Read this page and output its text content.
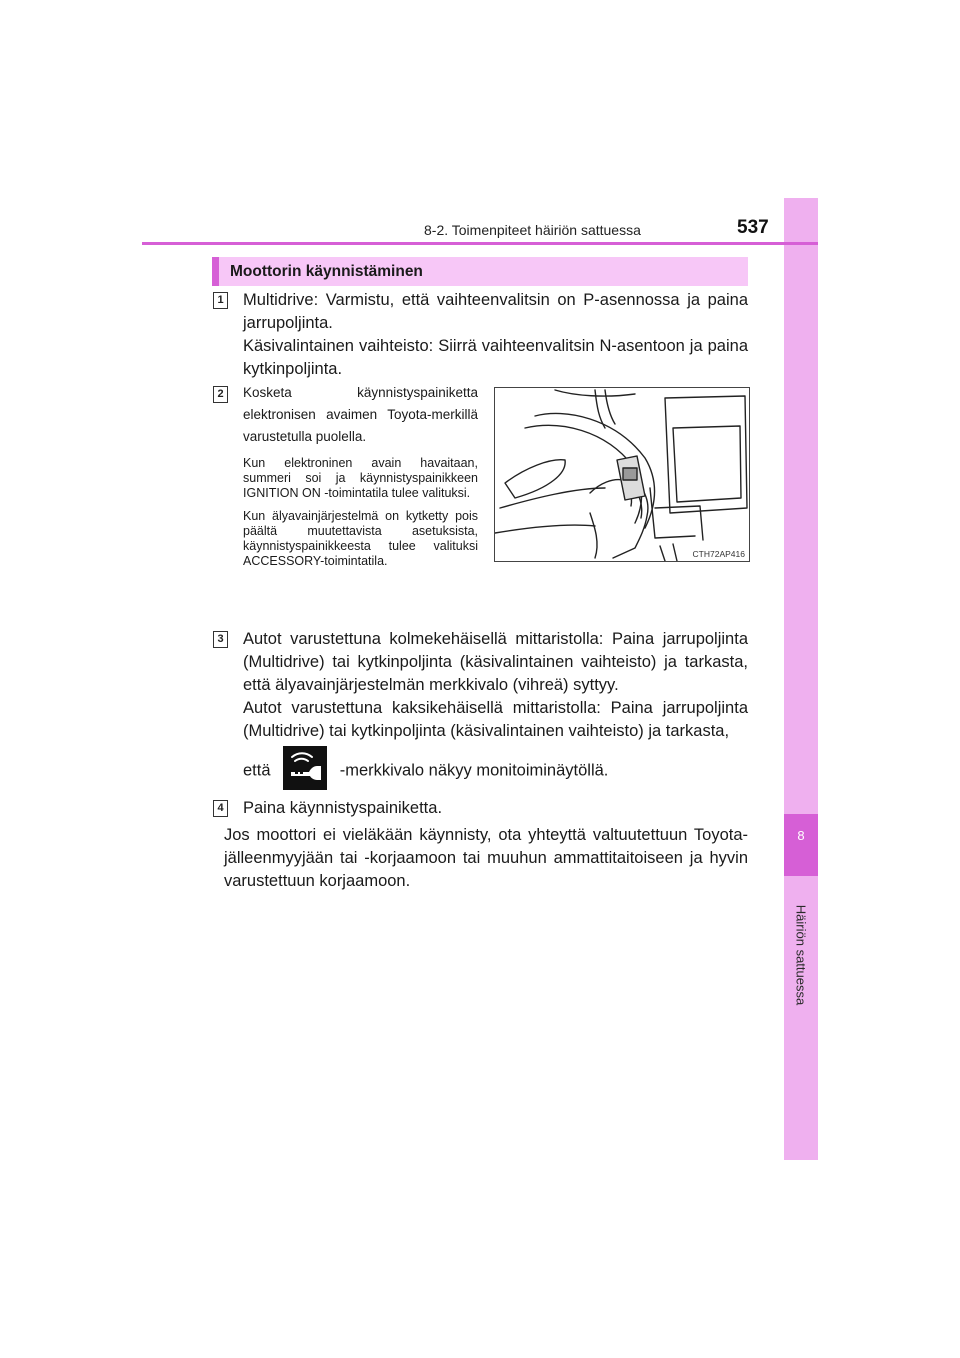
8
Häiriön sattuessa
8-2. Toimenpiteet häiriön sattuessa	537
Moottorin käynnistäminen
1 Multidrive: Varmistu, että vaihteenvalitsin on P-asennossa ja paina jarrupoljinta.

Käsivalintainen vaihteisto: Siirrä vaihteenvalitsin N-asentoon ja paina kytkinpoljinta.

2	Kosketa käynnistyspainiketta elektronisen avaimen Toyota-merkillä varustetulla puolella.

Kun elektroninen avain havaitaan, summeri soi ja käynnistyspainikkeen IGNITION ON -toimintatila tulee valituksi.

Kun älyavainjärjestelmä on kytketty pois päältä muutettavista asetuksista, käynnistyspainikkeesta tulee valituksi ACCESSORY-toimintatila.	CTH72AP416
3 Autot varustettuna kolmekehäisellä mittaristolla: Paina jarrupoljinta (Multidrive) tai kytkinpoljinta (käsivalintainen vaihteisto) ja tarkasta, että älyavainjärjestelmän merkkivalo (vihreä) syttyy.

Autot varustettuna kaksikehäisellä mittaristolla: Paina jarrupoljinta (Multidrive) tai kytkinpoljinta (käsivalintainen vaihteisto) ja tarkasta,

että	-merkkivalo näkyy monitoiminäytöllä.

4 Paina käynnistyspainiketta.

Jos moottori ei vieläkään käynnisty, ota yhteyttä valtuutettuun Toyota-jälleenmyyjään tai -korjaamoon tai muuhun ammattitaitoiseen ja hyvin varustettuun korjaamoon.
